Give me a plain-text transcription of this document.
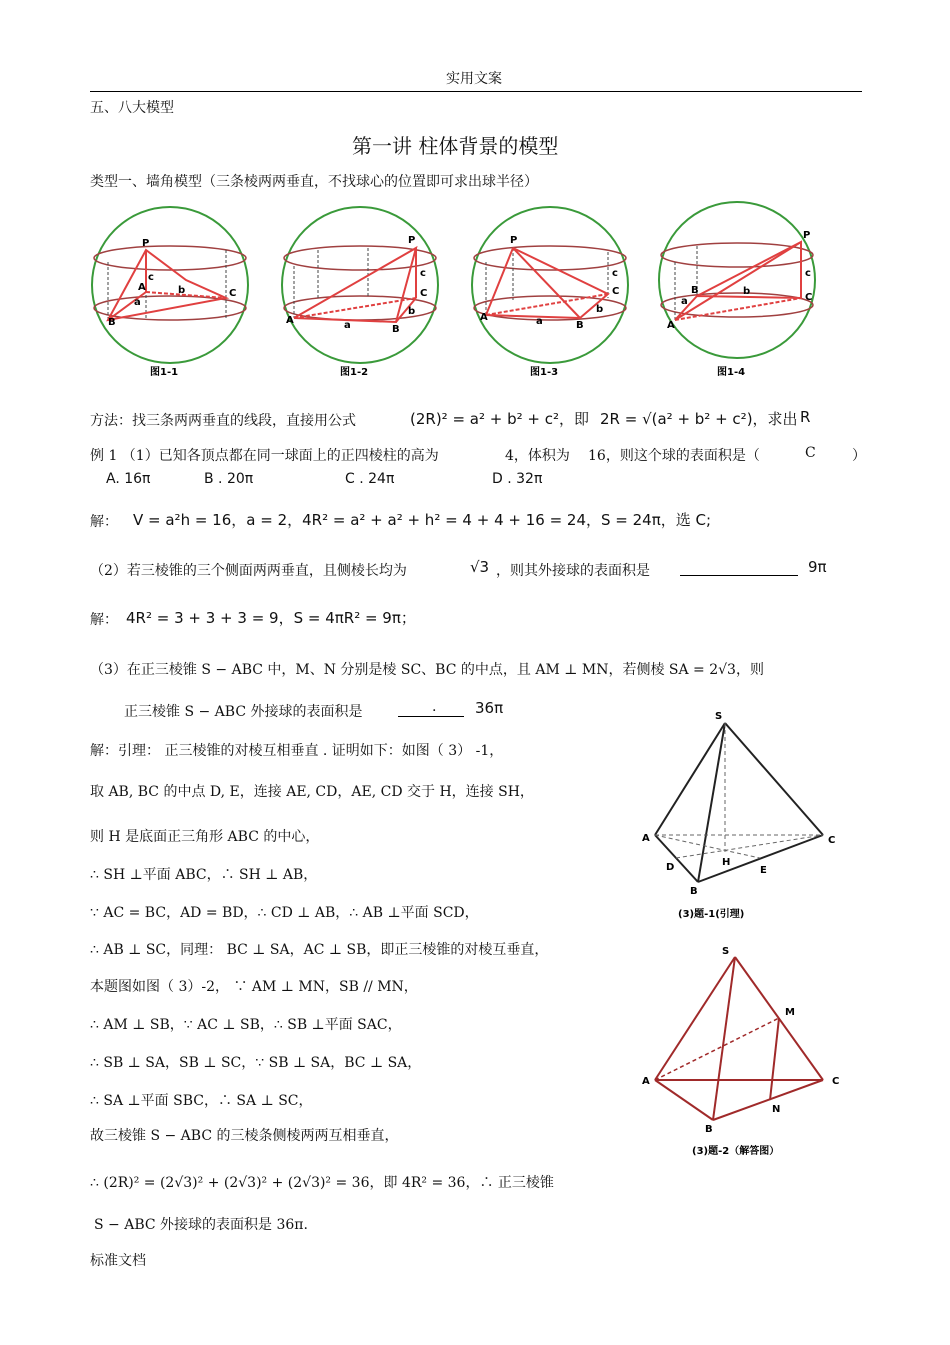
实用文案
五、八大模型
第一讲 柱体背景的模型
类型一、墙角模型（三条棱两两垂直，不找球心的位置即可求出球半径）
P
A
C
B
b
a
c
图1-1
P
A
B
C
c
b
a
图1-2
P
A
B
C
c
b
a
图1-3
P
A
B
C
c
b
a
图1-4
方法：找三条两两垂直的线段，直接用公式	(2R)² = a² + b² + c²，即 2R = √(a² + b² + c²)，求出 R
例 1 （1）已知各顶点都在同一球面上的正四棱柱的高为	4，体积为 16，则这个球的表面积是（	C	）
A. 16π	B . 20π	C . 24π	D . 32π
解： V = a²h = 16，a = 2，4R² = a² + a² + h² = 4 + 4 + 16 = 24，S = 24π，选 C;
（2）若三棱锥的三个侧面两两垂直，且侧棱长均为	√3 ，则其外接球的表面积是	9π
解： 4R² = 3 + 3 + 3 = 9，S = 4πR² = 9π；
（3）在正三棱锥 S − ABC 中，M、N 分别是棱 SC、BC 的中点，且 AM ⊥ MN，若侧棱 SA = 2√3，则
正三棱锥 S − ABC 外接球的表面积是	.	36π
解：引理： 正三棱锥的对棱互相垂直 . 证明如下：如图（ 3） -1，
取 AB, BC 的中点 D, E，连接 AE, CD，AE, CD 交于 H，连接 SH，
则 H 是底面正三角形 ABC 的中心，
∴ SH ⊥平面 ABC，∴ SH ⊥ AB，
∵ AC = BC，AD = BD，∴ CD ⊥ AB，∴ AB ⊥平面 SCD，
∴ AB ⊥ SC，同理： BC ⊥ SA，AC ⊥ SB，即正三棱锥的对棱互垂直，
本题图如图（ 3）-2， ∵ AM ⊥ MN，SB // MN，
∴ AM ⊥ SB，∵ AC ⊥ SB，∴ SB ⊥平面 SAC，
∴ SB ⊥ SA，SB ⊥ SC，∵ SB ⊥ SA，BC ⊥ SA，
∴ SA ⊥平面 SBC，∴ SA ⊥ SC，
故三棱锥 S − ABC 的三棱条侧棱两两互相垂直，
∴ (2R)² = (2√3)² + (2√3)² + (2√3)² = 36，即 4R² = 36，∴ 正三棱锥
S − ABC 外接球的表面积是 36π.
S
A	C
B
D	E
H
(3)题-1(引理)
S
A	C
B
M
N
(3)题-2（解答图）
标准文档
